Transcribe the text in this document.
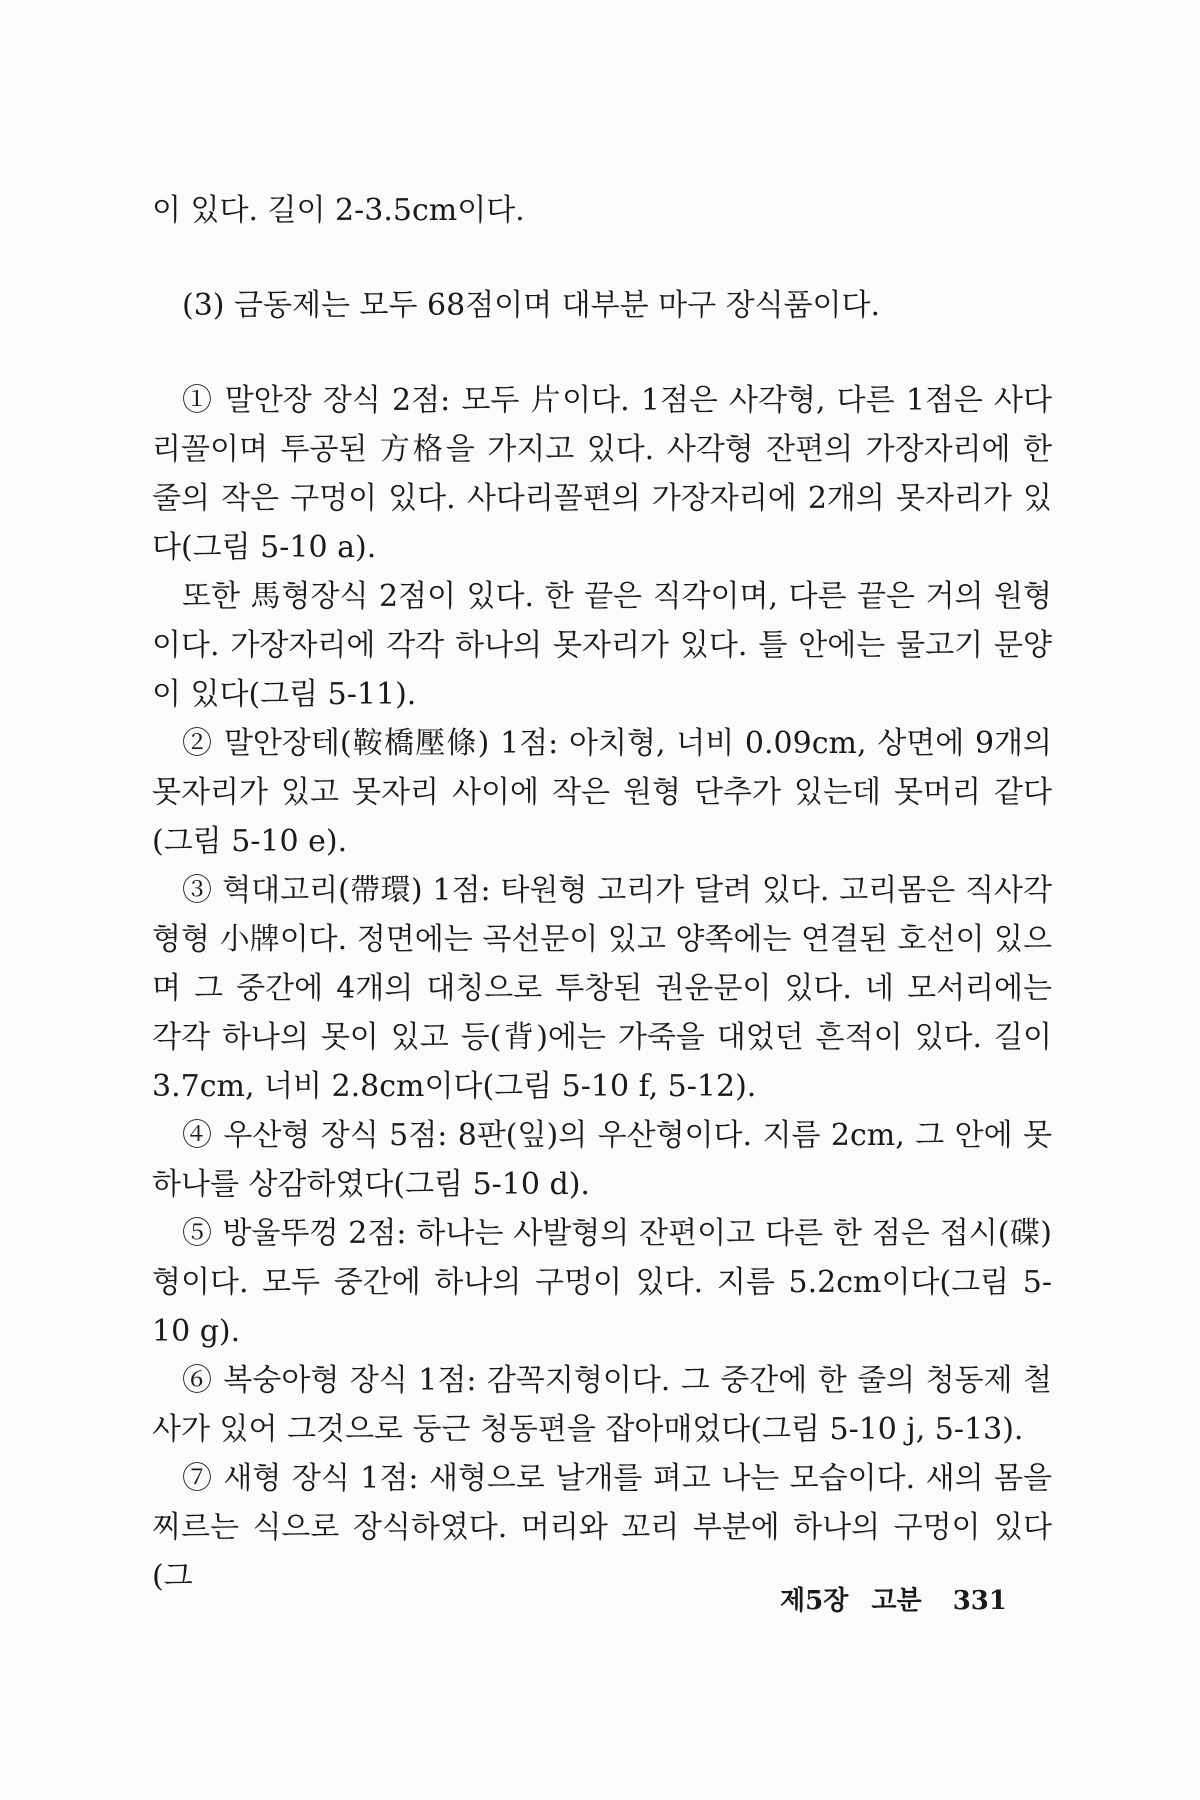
이 있다. 길이 2-3.5cm이다.

(3) 금동제는 모두 68점이며 대부분 마구 장식품이다.

① 말안장 장식 2점: 모두 片이다. 1점은 사각형, 다른 1점은 사다리꼴이며 투공된 方格을 가지고 있다. 사각형 잔편의 가장자리에 한 줄의 작은 구멍이 있다. 사다리꼴편의 가장자리에 2개의 못자리가 있다(그림 5-10 a).

또한 馬형장식 2점이 있다. 한 끝은 직각이며, 다른 끝은 거의 원형이다. 가장자리에 각각 하나의 못자리가 있다. 틀 안에는 물고기 문양이 있다(그림 5-11).

② 말안장테(鞍橋壓條) 1점: 아치형, 너비 0.09cm, 상면에 9개의 못자리가 있고 못자리 사이에 작은 원형 단추가 있는데 못머리 같다(그림 5-10 e).

③ 혁대고리(帶環) 1점: 타원형 고리가 달려 있다. 고리몸은 직사각형형 小牌이다. 정면에는 곡선문이 있고 양쪽에는 연결된 호선이 있으며 그 중간에 4개의 대칭으로 투창된 권운문이 있다. 네 모서리에는 각각 하나의 못이 있고 등(背)에는 가죽을 대었던 흔적이 있다. 길이 3.7cm, 너비 2.8cm이다(그림 5-10 f, 5-12).

④ 우산형 장식 5점: 8판(잎)의 우산형이다. 지름 2cm, 그 안에 못 하나를 상감하였다(그림 5-10 d).

⑤ 방울뚜껑 2점: 하나는 사발형의 잔편이고 다른 한 점은 접시(碟)형이다. 모두 중간에 하나의 구멍이 있다. 지름 5.2cm이다(그림 5-10 g).

⑥ 복숭아형 장식 1점: 감꼭지형이다. 그 중간에 한 줄의 청동제 철사가 있어 그것으로 둥근 청동편을 잡아매었다(그림 5-10 j, 5-13).

⑦ 새형 장식 1점: 새형으로 날개를 펴고 나는 모습이다. 새의 몸을 찌르는 식으로 장식하였다. 머리와 꼬리 부분에 하나의 구멍이 있다(그

제5장 고분 331
